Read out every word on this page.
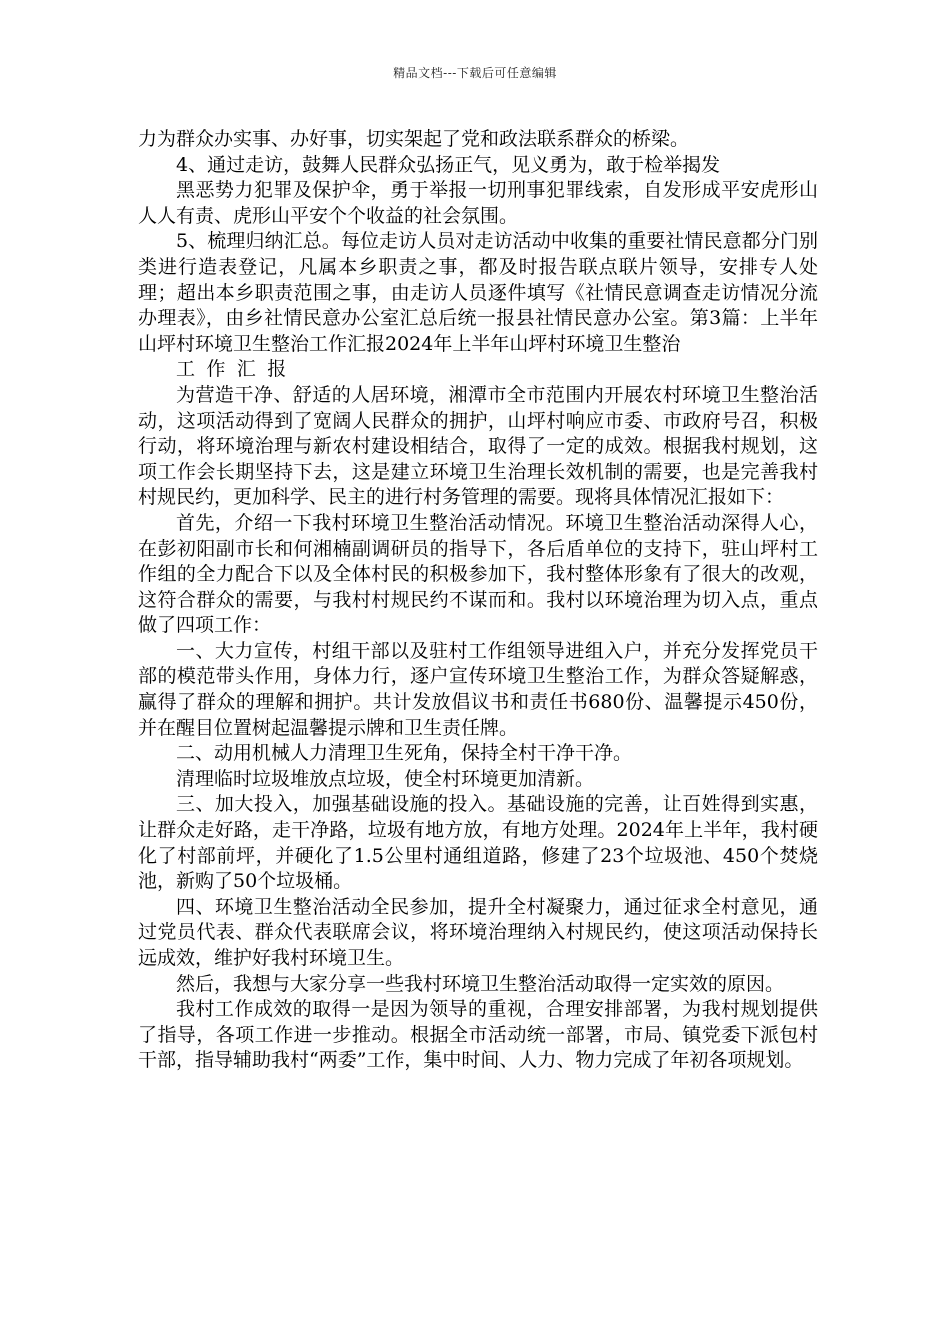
精品文档---下载后可任意编辑

力为群众办实事、办好事，切实架起了党和政法联系群众的桥梁。

4、通过走访，鼓舞人民群众弘扬正气，见义勇为，敢于检举揭发

黑恶势力犯罪及保护伞，勇于举报一切刑事犯罪线索，自发形成平安虎形山人人有责、虎形山平安个个收益的社会氛围。

5、梳理归纳汇总。每位走访人员对走访活动中收集的重要社情民意都分门别类进行造表登记，凡属本乡职责之事，都及时报告联点联片领导，安排专人处理；超出本乡职责范围之事，由走访人员逐件填写《社情民意调查走访情况分流办理表》，由乡社情民意办公室汇总后统一报县社情民意办公室。第3篇：上半年山坪村环境卫生整治工作汇报2024年上半年山坪村环境卫生整治

工作汇报

为营造干净、舒适的人居环境，湘潭市全市范围内开展农村环境卫生整治活动，这项活动得到了宽阔人民群众的拥护，山坪村响应市委、市政府号召，积极行动，将环境治理与新农村建设相结合，取得了一定的成效。根据我村规划，这项工作会长期坚持下去，这是建立环境卫生治理长效机制的需要，也是完善我村村规民约，更加科学、民主的进行村务管理的需要。现将具体情况汇报如下：

首先，介绍一下我村环境卫生整治活动情况。环境卫生整治活动深得人心，在彭初阳副市长和何湘楠副调研员的指导下，各后盾单位的支持下，驻山坪村工作组的全力配合下以及全体村民的积极参加下，我村整体形象有了很大的改观，这符合群众的需要，与我村村规民约不谋而和。我村以环境治理为切入点，重点做了四项工作：

一、大力宣传，村组干部以及驻村工作组领导进组入户，并充分发挥党员干部的模范带头作用，身体力行，逐户宣传环境卫生整治工作，为群众答疑解惑，赢得了群众的理解和拥护。共计发放倡议书和责任书680份、温馨提示450份，并在醒目位置树起温馨提示牌和卫生责任牌。

二、动用机械人力清理卫生死角，保持全村干净干净。

清理临时垃圾堆放点垃圾，使全村环境更加清新。

三、加大投入，加强基础设施的投入。基础设施的完善，让百姓得到实惠，让群众走好路，走干净路，垃圾有地方放，有地方处理。2024年上半年，我村硬化了村部前坪，并硬化了1.5公里村通组道路，修建了23个垃圾池、450个焚烧池，新购了50个垃圾桶。

四、环境卫生整治活动全民参加，提升全村凝聚力，通过征求全村意见，通过党员代表、群众代表联席会议，将环境治理纳入村规民约，使这项活动保持长远成效，维护好我村环境卫生。

然后，我想与大家分享一些我村环境卫生整治活动取得一定实效的原因。

我村工作成效的取得一是因为领导的重视，合理安排部署，为我村规划提供了指导，各项工作进一步推动。根据全市活动统一部署，市局、镇党委下派包村干部，指导辅助我村“两委”工作，集中时间、人力、物力完成了年初各项规划。
